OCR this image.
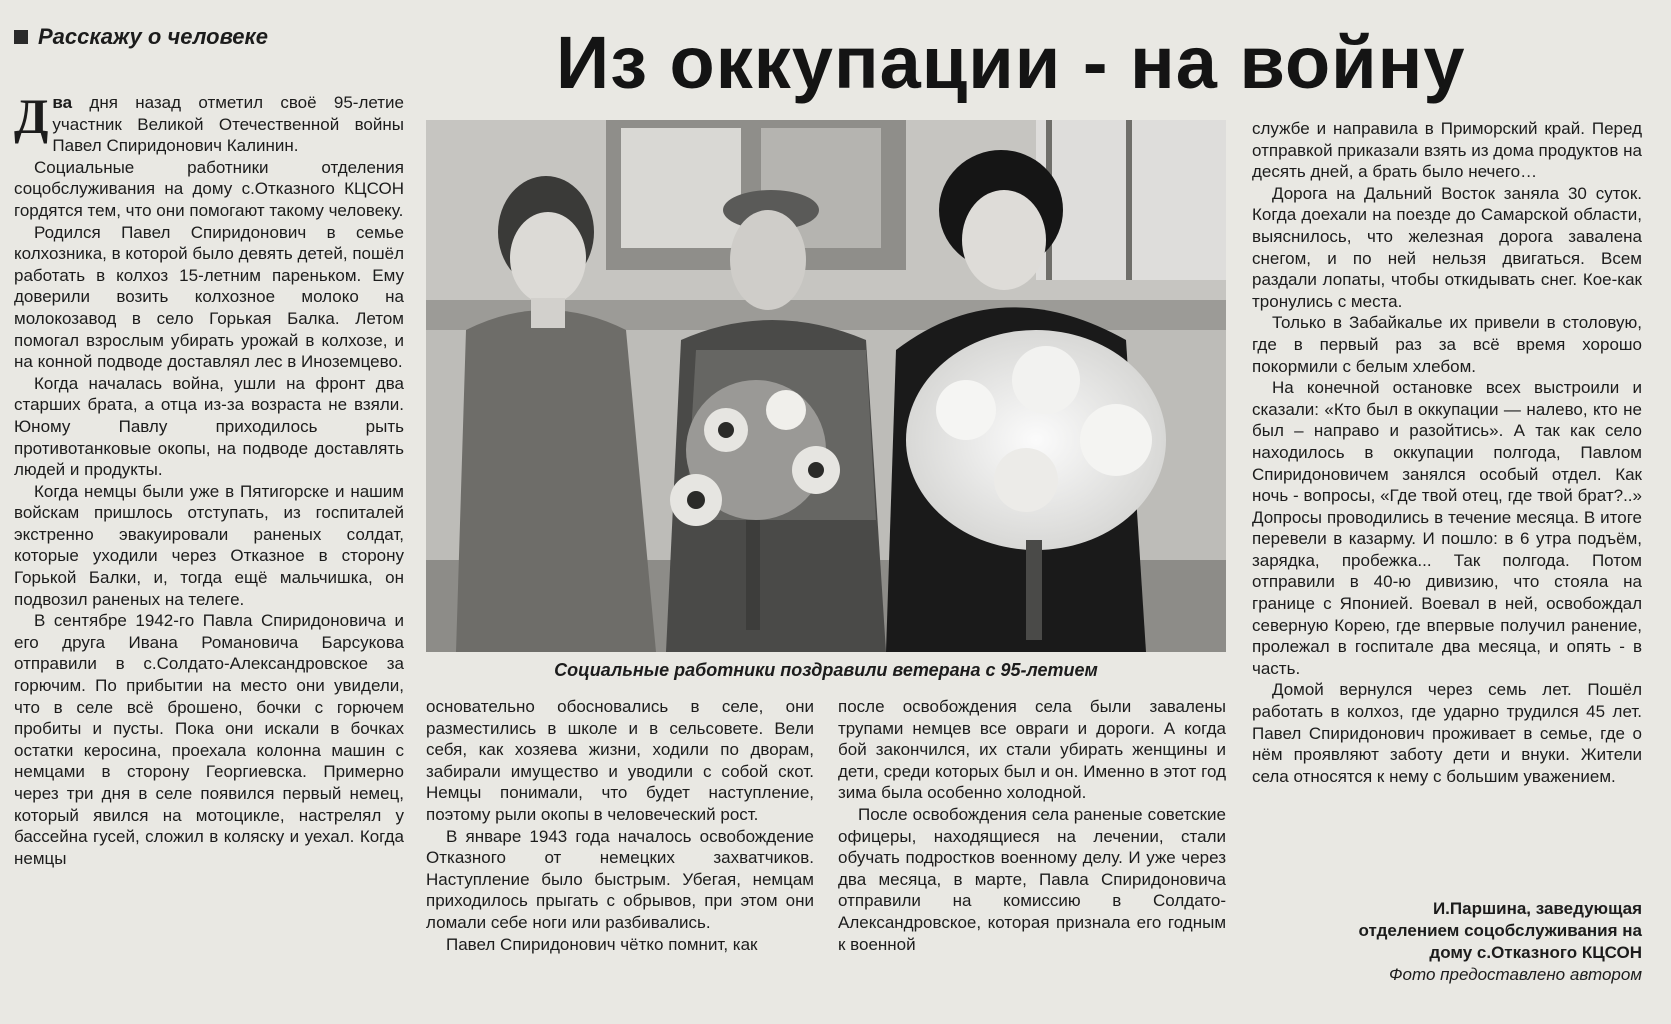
Расскажу о человеке	Из оккупации - на войну

Два дня назад отметил своё 95-летие участник Великой Отечественной войны Павел Спиридонович Калинин.

Социальные работники отделения соцобслуживания на дому с.Отказного КЦСОН гордятся тем, что они помогают такому человеку.

Родился Павел Спиридонович в семье колхозника, в которой было девять детей, пошёл работать в колхоз 15-летним пареньком. Ему доверили возить колхозное молоко на молокозавод в село Горькая Балка. Летом помогал взрослым убирать урожай в колхозе, и на конной подводе доставлял лес в Иноземцево.

Когда началась война, ушли на фронт два старших брата, а отца из-за возраста не взяли. Юному Павлу приходилось рыть противотанковые окопы, на подводе доставлять людей и продукты.

Когда немцы были уже в Пятигорске и нашим войскам пришлось отступать, из госпиталей экстренно эвакуировали раненых солдат, которые уходили через Отказное в сторону Горькой Балки, и, тогда ещё мальчишка, он подвозил раненых на телеге.

В сентябре 1942-го Павла Спиридоновича и его друга Ивана Романовича Барсукова отправили в с.Солдато-Александровское за горючим. По прибытии на место они увидели, что в селе всё брошено, бочки с горючем пробиты и пусты. Пока они искали в бочках остатки керосина, проехала колонна машин с немцами в сторону Георгиевска. Примерно через три дня в селе появился первый немец, который явился на мотоцикле, настрелял у бассейна гусей, сложил в коляску и уехал. Когда немцы

Социальные работники поздравили ветерана с 95-летием

основательно обосновались в селе, они разместились в школе и в сельсовете. Вели себя, как хозяева жизни, ходили по дворам, забирали имущество и уводили с собой скот. Немцы понимали, что будет наступление, поэтому рыли окопы в человеческий рост.

В январе 1943 года началось освобождение Отказного от немецких захватчиков. Наступление было быстрым. Убегая, немцам приходилось прыгать с обрывов, при этом они ломали себе ноги или разбивались.

Павел Спиридонович чётко помнит, как

после освобождения села были завалены трупами немцев все овраги и дороги. А когда бой закончился, их стали убирать женщины и дети, среди которых был и он. Именно в этот год зима была особенно холодной.

После освобождения села раненые советские офицеры, находящиеся на лечении, стали обучать подростков военному делу. И уже через два месяца, в марте, Павла Спиридоновича отправили на комиссию в Солдато-Александровское, которая признала его годным к военной

службе и направила в Приморский край. Перед отправкой приказали взять из дома продуктов на десять дней, а брать было нечего…

Дорога на Дальний Восток заняла 30 суток. Когда доехали на поезде до Самарской области, выяснилось, что железная дорога завалена снегом, и по ней нельзя двигаться. Всем раздали лопаты, чтобы откидывать снег. Кое-как тронулись с места.

Только в Забайкалье их привели в столовую, где в первый раз за всё время хорошо покормили с белым хлебом.

На конечной остановке всех выстроили и сказали: «Кто был в оккупации — налево, кто не был – направо и разойтись». А так как село находилось в оккупации полгода, Павлом Спиридоновичем занялся особый отдел. Как ночь - вопросы, «Где твой отец, где твой брат?..» Допросы проводились в течение месяца. В итоге перевели в казарму. И пошло: в 6 утра подъём, зарядка, пробежка... Так полгода. Потом отправили в 40-ю дивизию, что стояла на границе с Японией. Воевал в ней, освобождал северную Корею, где впервые получил ранение, пролежал в госпитале два месяца, и опять - в часть.

Домой вернулся через семь лет. Пошёл работать в колхоз, где ударно трудился 45 лет. Павел Спиридонович проживает в семье, где о нём проявляют заботу дети и внуки. Жители села относятся к нему с большим уважением.

И.Паршина, заведующая
отделением соцобслуживания на
дому с.Отказного КЦСОН
Фото предоставлено автором
